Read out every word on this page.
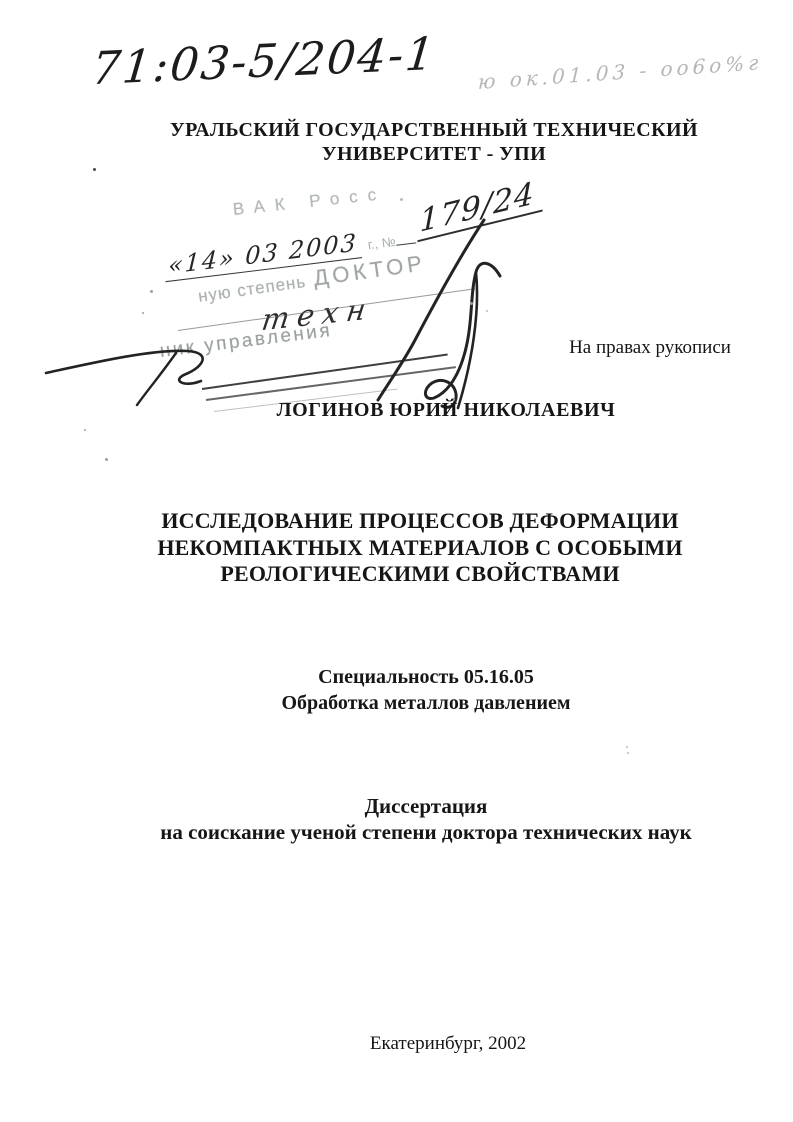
71:03-5/204-1 ю ок.01.03 - оо6о%г
УРАЛЬСКИЙ ГОСУДАРСТВЕННЫЙ ТЕХНИЧЕСКИЙ
УНИВЕРСИТЕТ - УПИ
ВАК Росс
«14» 03 2003 г., №179/24
ную степень ДОКТОР
техн
ник управления	На правах рукописи
ЛОГИНОВ ЮРИЙ НИКОЛАЕВИЧ
ИССЛЕДОВАНИЕ ПРОЦЕССОВ ДЕФОРМАЦИИ
НЕКОМПАКТНЫХ МАТЕРИАЛОВ С ОСОБЫМИ
РЕОЛОГИЧЕСКИМИ СВОЙСТВАМИ
Специальность 05.16.05
Обработка металлов давлением
Диссертация
на соискание ученой степени доктора технических наук
Екатеринбург, 2002
